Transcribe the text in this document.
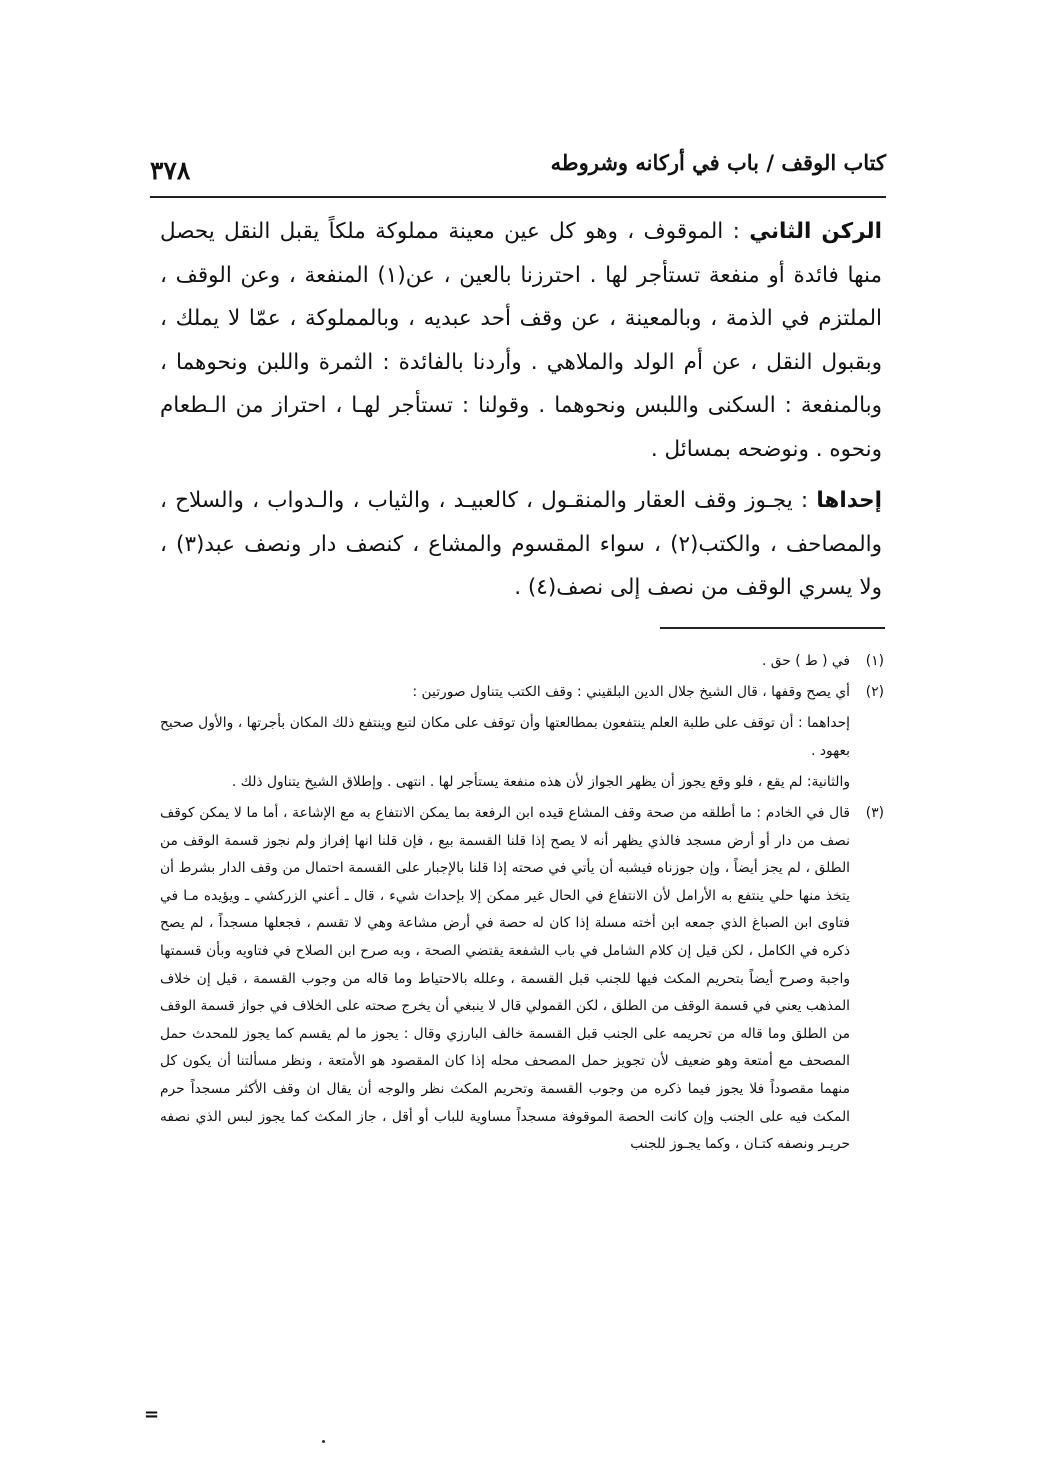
كتاب الوقف / باب في أركانه وشروطه
٣٧٨

الركن الثاني : الموقوف ، وهو كل عين معينة مملوكة ملكاً يقبل النقل يحصل منها فائدة أو منفعة تستأجر لها . احترزنا بالعين ، عن(١) المنفعة ، وعن الوقف ، الملتزم في الذمة ، وبالمعينة ، عن وقف أحد عبديه ، وبالمملوكة ، عمّا لا يملك ، وبقبول النقل ، عن أم الولد والملاهي . وأردنا بالفائدة : الثمرة واللبن ونحوهما ، وبالمنفعة : السكنى واللبس ونحوهما . وقولنا : تستأجر لهـا ، احتراز من الـطعام ونحوه . ونوضحه بمسائل .

إحداها : يجـوز وقف العقار والمنقـول ، كالعبيـد ، والثياب ، والـدواب ، والسلاح ، والمصاحف ، والكتب(٢) ، سواء المقسوم والمشاع ، كنصف دار ونصف عبد(٣) ، ولا يسري الوقف من نصف إلى نصف(٤) .

(١)
في ( ط ) حق .
(٢)
أي يصح وقفها ، قال الشيخ جلال الدين البلقيني : وقف الكتب يتناول صورتين :
إحداهما : أن توقف على طلبة العلم ينتفعون بمطالعتها وأن توقف على مكان لتبع وينتفع ذلك المكان بأجرتها ، والأول صحيح بعهود .
والثانية: لم يقع ، فلو وقع يجوز أن يظهر الجواز لأن هذه منفعة يستأجر لها . انتهى . وإطلاق الشيخ يتناول ذلك .
(٣)
قال في الخادم : ما أطلقه من صحة وقف المشاع قيده ابن الرفعة بما يمكن الانتفاع به مع الإشاعة ، أما ما لا يمكن كوقف نصف من دار أو أرض مسجد فالذي يظهر أنه لا يصح إذا قلنا القسمة بيع ، فإن قلنا انها إفراز ولم نجوز قسمة الوقف من الطلق ، لم يجز أيضاً ، وإن جوزناه فيشبه أن يأتي في صحته إذا قلنا بالإجبار على القسمة احتمال من وقف الدار بشرط أن يتخذ منها حلي ينتفع به الأرامل لأن الانتفاع في الحال غير ممكن إلا بإحداث شيء ، قال ـ أعني الزركشي ـ ويؤيده مـا في فتاوى ابن الصباغ الذي جمعه ابن أخته مسلة إذا كان له حصة في أرض مشاعة وهي لا تقسم ، فجعلها مسجداً ، لم يصح ذكره في الكامل ، لكن قيل إن كلام الشامل في باب الشفعة يقتضي الصحة ، وبه صرح ابن الصلاح في فتاويه وبأن قسمتها واجبة وصرح أيضاً بتحريم المكث فيها للجنب قبل القسمة ، وعلله بالاحتياط وما قاله من وجوب القسمة ، قيل إن خلاف المذهب يعني في قسمة الوقف من الطلق ، لكن القمولي قال لا ينبغي أن يخرج صحته على الخلاف في جواز قسمة الوقف من الطلق وما قاله من تحريمه على الجنب قبل القسمة خالف البارزي وقال : يجوز ما لم يقسم كما يجوز للمحدث حمل المصحف مع أمتعة وهو ضعيف لأن تجويز حمل المصحف محله إذا كان المقصود هو الأمتعة ، ونظر مسألتنا أن يكون كل منهما مقصوداً فلا يجوز فيما ذكره من وجوب القسمة وتحريم المكث نظر والوجه أن يقال ان وقف الأكثر مسجداً حرم المكث فيه على الجنب وإن كانت الحصة الموقوفة مسجداً مساوية للباب أو أقل ، جاز المكث كما يجوز لبس الذي نصفه حريـر ونصفه كتـان ، وكما يجـوز للجنب
=
